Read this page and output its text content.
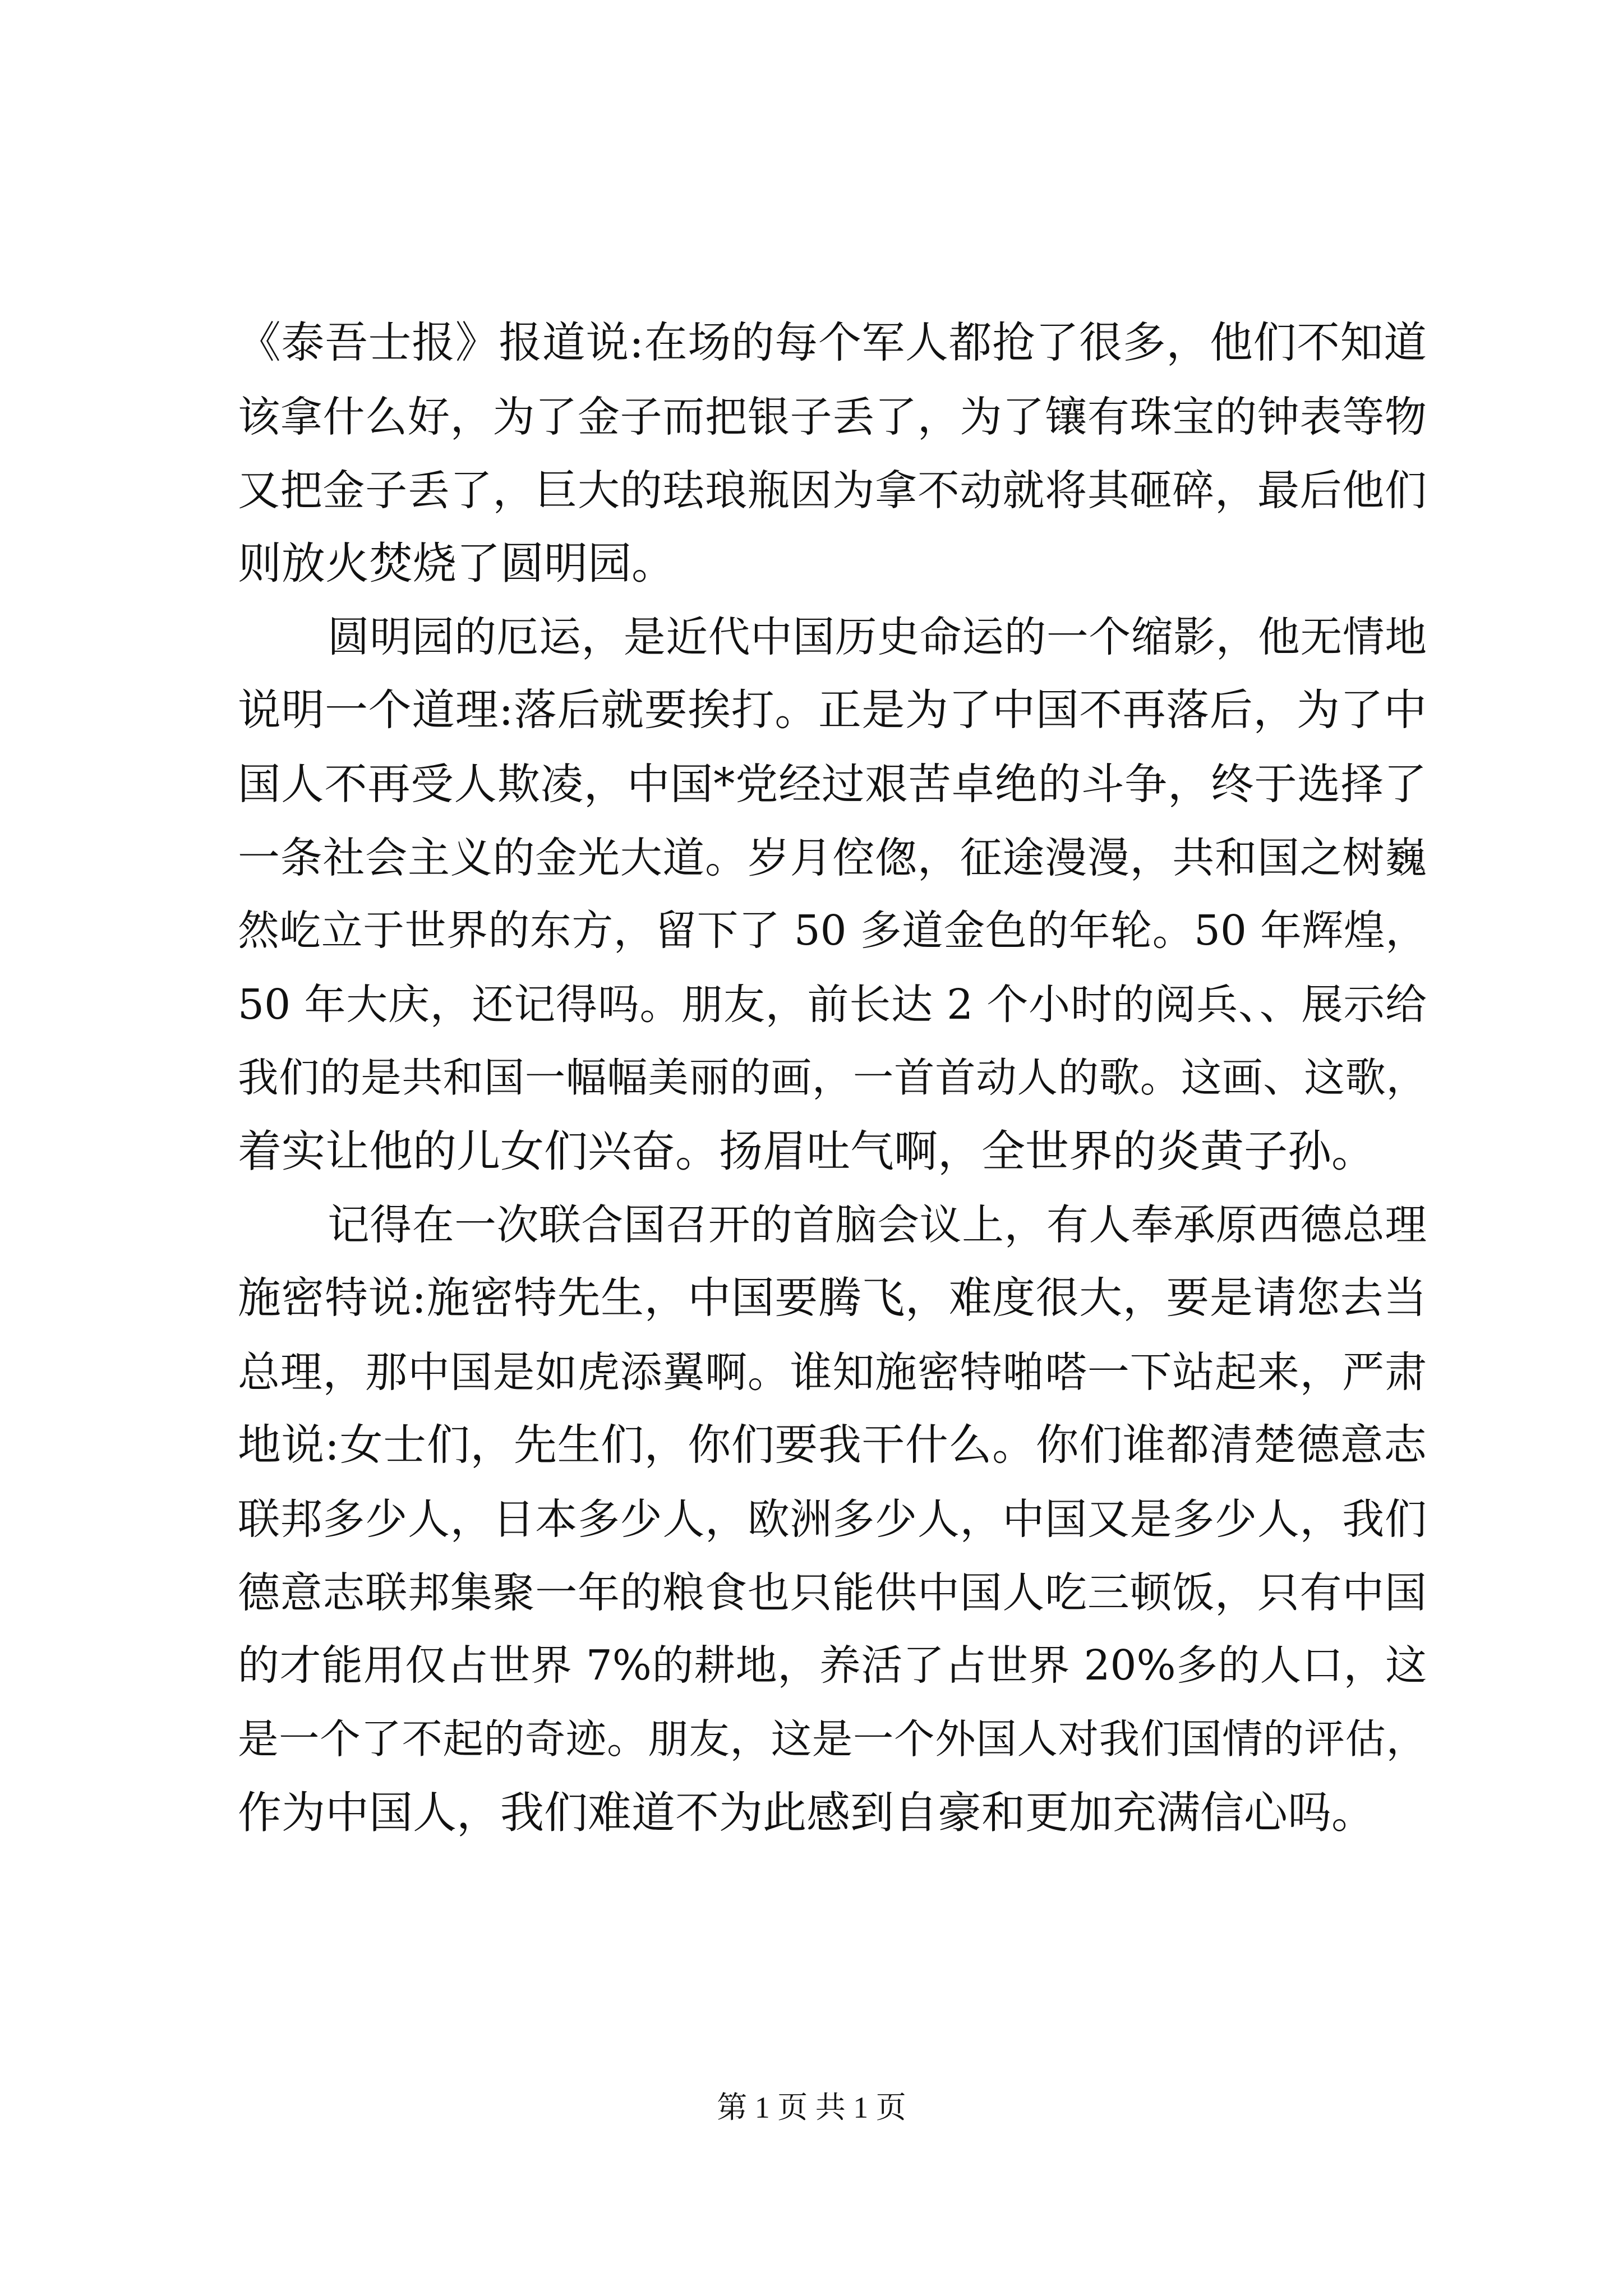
《泰吾士报》报道说:在场的每个军人都抢了很多，他们不知道
该拿什么好，为了金子而把银子丢了，为了镶有珠宝的钟表等物
又把金子丢了，巨大的珐琅瓶因为拿不动就将其砸碎，最后他们
则放火焚烧了圆明园。
圆明园的厄运，是近代中国历史命运的一个缩影，他无情地
说明一个道理:落后就要挨打。正是为了中国不再落后，为了中
国人不再受人欺凌，中国*党经过艰苦卓绝的斗争，终于选择了
一条社会主义的金光大道。岁月倥偬，征途漫漫，共和国之树巍
然屹立于世界的东方，留下了 50 多道金色的年轮。50 年辉煌，
50 年大庆，还记得吗。朋友，前长达 2 个小时的阅兵、、展示给
我们的是共和国一幅幅美丽的画，一首首动人的歌。这画、这歌，
着实让他的儿女们兴奋。扬眉吐气啊，全世界的炎黄子孙。
记得在一次联合国召开的首脑会议上，有人奉承原西德总理
施密特说:施密特先生，中国要腾飞，难度很大，要是请您去当
总理，那中国是如虎添翼啊。谁知施密特啪嗒一下站起来，严肃
地说:女士们，先生们，你们要我干什么。你们谁都清楚德意志
联邦多少人，日本多少人，欧洲多少人，中国又是多少人，我们
德意志联邦集聚一年的粮食也只能供中国人吃三顿饭，只有中国
的才能用仅占世界 7%的耕地，养活了占世界 20%多的人口，这
是一个了不起的奇迹。朋友，这是一个外国人对我们国情的评估，
作为中国人，我们难道不为此感到自豪和更加充满信心吗。
第 1 页 共 1 页
